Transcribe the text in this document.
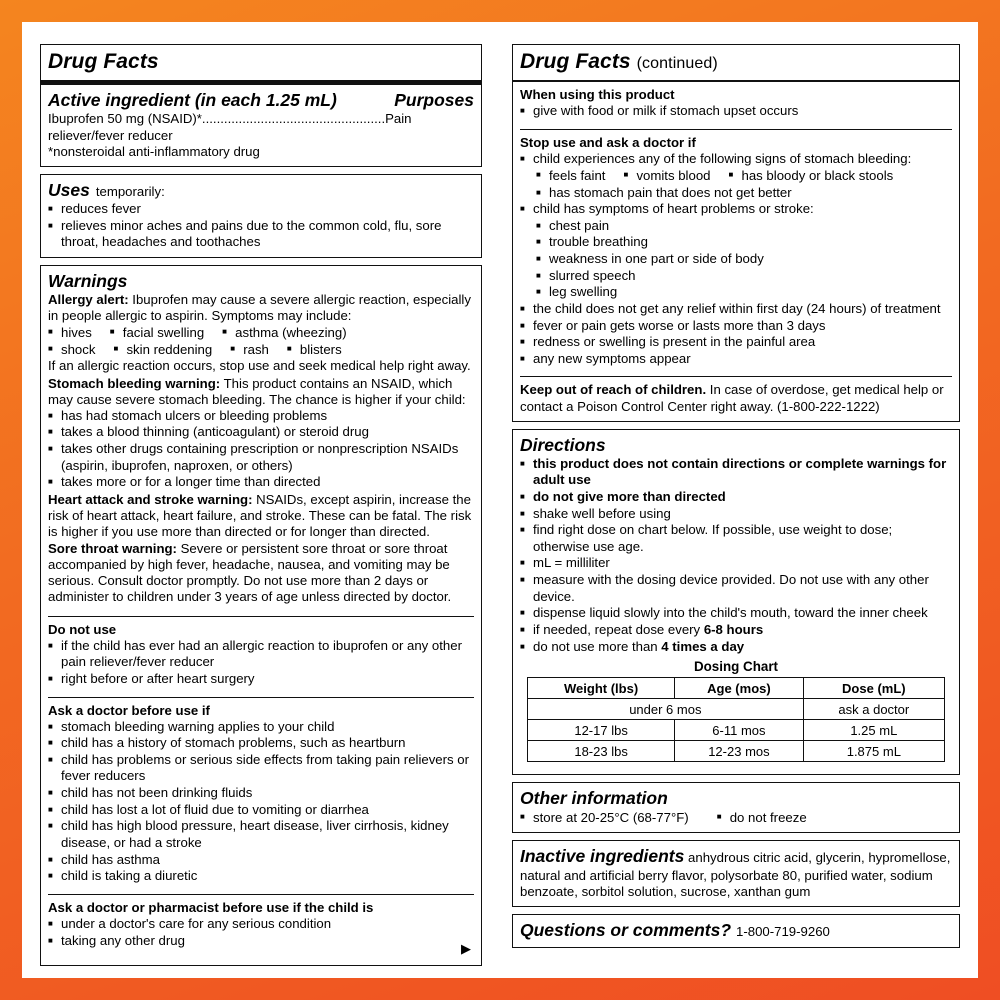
Drug Facts
Active ingredient (in each 1.25 mL)	Purposes
Ibuprofen 50 mg (NSAID)*..................................................Pain reliever/fever reducer
*nonsteroidal anti-inflammatory drug
Uses temporarily:
■ reduces fever
■ relieves minor aches and pains due to the common cold, flu, sore throat, headaches and toothaches
Warnings
Allergy alert: Ibuprofen may cause a severe allergic reaction, especially in people allergic to aspirin. Symptoms may include:
■ hives	■ facial swelling	■ asthma (wheezing)
■ shock	■ skin reddening	■ rash	■ blisters
If an allergic reaction occurs, stop use and seek medical help right away.
Stomach bleeding warning: This product contains an NSAID, which may cause severe stomach bleeding. The chance is higher if your child:
■ has had stomach ulcers or bleeding problems
■ takes a blood thinning (anticoagulant) or steroid drug
■ takes other drugs containing prescription or nonprescription NSAIDs (aspirin, ibuprofen, naproxen, or others)
■ takes more or for a longer time than directed
Heart attack and stroke warning: NSAIDs, except aspirin, increase the risk of heart attack, heart failure, and stroke. These can be fatal. The risk is higher if you use more than directed or for longer than directed.
Sore throat warning: Severe or persistent sore throat or sore throat accompanied by high fever, headache, nausea, and vomiting may be serious. Consult doctor promptly. Do not use more than 2 days or administer to children under 3 years of age unless directed by doctor.
Do not use
■ if the child has ever had an allergic reaction to ibuprofen or any other pain reliever/fever reducer
■ right before or after heart surgery
Ask a doctor before use if
■ stomach bleeding warning applies to your child
■ child has a history of stomach problems, such as heartburn
■ child has problems or serious side effects from taking pain relievers or fever reducers
■ child has not been drinking fluids
■ child has lost a lot of fluid due to vomiting or diarrhea
■ child has high blood pressure, heart disease, liver cirrhosis, kidney disease, or had a stroke
■ child has asthma
■ child is taking a diuretic
Ask a doctor or pharmacist before use if the child is
■ under a doctor's care for any serious condition
■ taking any other drug
▶
Drug Facts (continued)
When using this product
■ give with food or milk if stomach upset occurs
Stop use and ask a doctor if
■ child experiences any of the following signs of stomach bleeding:
■ feels faint	■ vomits blood	■ has bloody or black stools
■ has stomach pain that does not get better
■ child has symptoms of heart problems or stroke:
■ chest pain
■ trouble breathing
■ weakness in one part or side of body
■ slurred speech
■ leg swelling
■ the child does not get any relief within first day (24 hours) of treatment
■ fever or pain gets worse or lasts more than 3 days
■ redness or swelling is present in the painful area
■ any new symptoms appear
Keep out of reach of children. In case of overdose, get medical help or contact a Poison Control Center right away. (1-800-222-1222)
Directions
■ this product does not contain directions or complete warnings for adult use
■ do not give more than directed
■ shake well before using
■ find right dose on chart below. If possible, use weight to dose; otherwise use age.
■ mL = milliliter
■ measure with the dosing device provided. Do not use with any other device.
■ dispense liquid slowly into the child's mouth, toward the inner cheek
■ if needed, repeat dose every 6-8 hours
■ do not use more than 4 times a day
Dosing Chart
Weight (lbs)	Age (mos)	Dose (mL)
under 6 mos		ask a doctor
12-17 lbs	6-11 mos	1.25 mL
18-23 lbs	12-23 mos	1.875 mL
Other information
■ store at 20-25°C (68-77°F)	■ do not freeze
Inactive ingredients anhydrous citric acid, glycerin, hypromellose, natural and artificial berry flavor, polysorbate 80, purified water, sodium benzoate, sorbitol solution, sucrose, xanthan gum
Questions or comments? 1-800-719-9260
